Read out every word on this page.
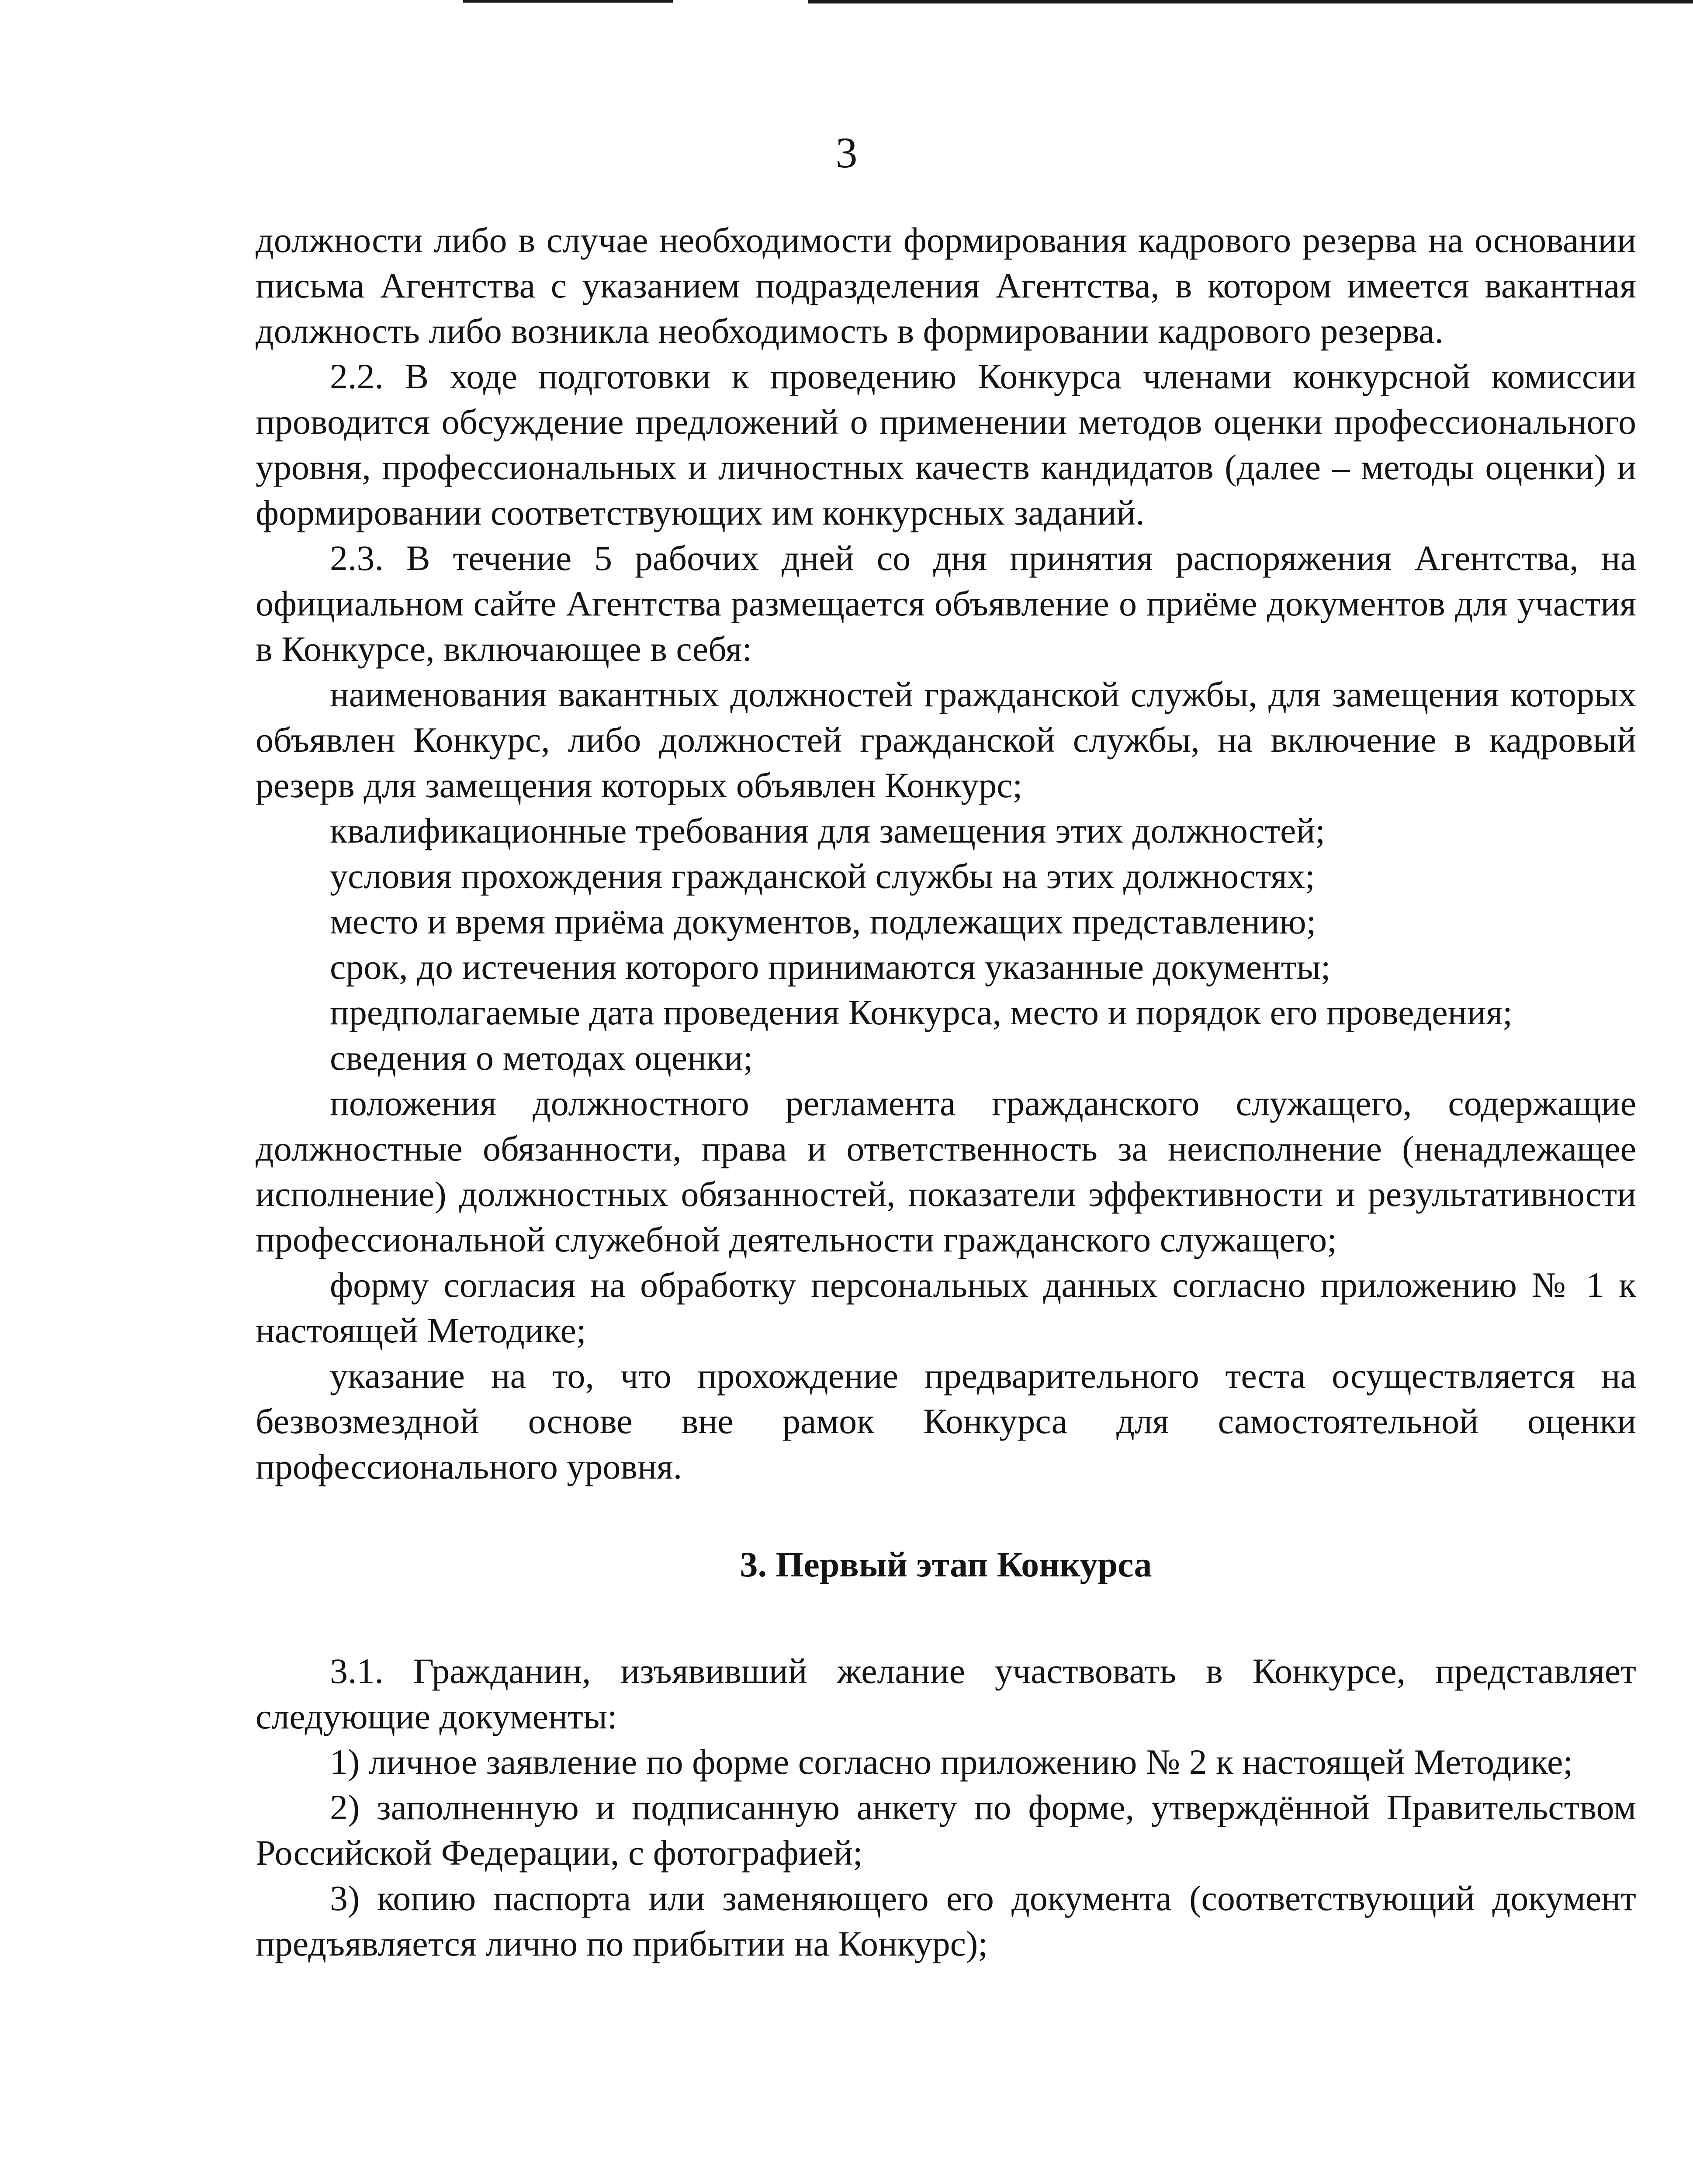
3

должности либо в случае необходимости формирования кадрового резерва на основании письма Агентства с указанием подразделения Агентства, в котором имеется вакантная должность либо возникла необходимость в формировании кадрового резерва.

2.2. В ходе подготовки к проведению Конкурса членами конкурсной комиссии проводится обсуждение предложений о применении методов оценки профессионального уровня, профессиональных и личностных качеств кандидатов (далее – методы оценки) и формировании соответствующих им конкурсных заданий.

2.3. В течение 5 рабочих дней со дня принятия распоряжения Агентства, на официальном сайте Агентства размещается объявление о приёме документов для участия в Конкурсе, включающее в себя:

наименования вакантных должностей гражданской службы, для замещения которых объявлен Конкурс, либо должностей гражданской службы, на включение в кадровый резерв для замещения которых объявлен Конкурс;

квалификационные требования для замещения этих должностей;

условия прохождения гражданской службы на этих должностях;

место и время приёма документов, подлежащих представлению;

срок, до истечения которого принимаются указанные документы;

предполагаемые дата проведения Конкурса, место и порядок его проведения;

сведения о методах оценки;

положения должностного регламента гражданского служащего, содержащие должностные обязанности, права и ответственность за неисполнение (ненадлежащее исполнение) должностных обязанностей, показатели эффективности и результативности профессиональной служебной деятельности гражданского служащего;

форму согласия на обработку персональных данных согласно приложению № 1 к настоящей Методике;

указание на то, что прохождение предварительного теста осуществляется на безвозмездной основе вне рамок Конкурса для самостоятельной оценки профессионального уровня.

3. Первый этап Конкурса

3.1. Гражданин, изъявивший желание участвовать в Конкурсе, представляет следующие документы:

1) личное заявление по форме согласно приложению № 2 к настоящей Методике;

2) заполненную и подписанную анкету по форме, утверждённой Правительством Российской Федерации, с фотографией;

3) копию паспорта или заменяющего его документа (соответствующий документ предъявляется лично по прибытии на Конкурс);
